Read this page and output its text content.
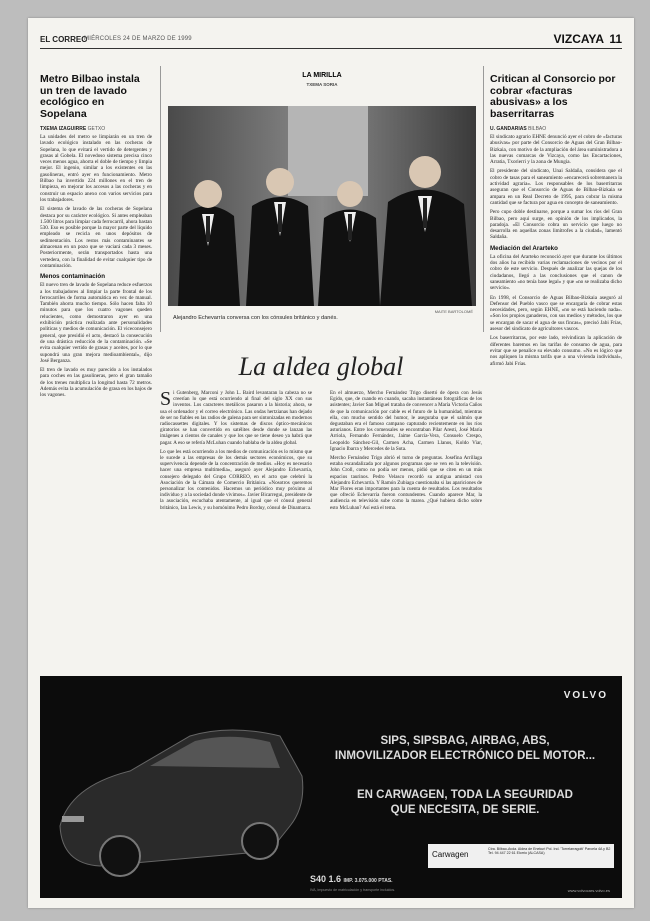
EL CORREO
MIÉRCOLES 24 DE MARZO DE 1999	VIZCAYA 11
Metro Bilbao instala un tren de lavado ecológico en Sopelana
TXEMA IZAGUIRRE GETXO

La unidades del metro se limpiarán en un tren de lavado ecológico instalado en las cocheras de Sopelana, lo que evitará el vertido de detergentes y grasas al Gobela. El novedoso sistema precisa cinco veces menos agua, ahorra el doble de tiempo y limpia mejor. El ingenio, similar a los existentes en las gasolineras, entró ayer en funcionamiento. Metro Bilbao ha invertido 224 millones en el tren de limpieza, en mejorar los accesos a las cocheras y en construir un espacio anexo con varios servicios para los trabajadores.

El sistema de lavado de las cocheras de Sopelana destaca por su carácter ecológico. Si antes empleaban 1.500 litros para limpiar cada ferrocarril, ahora bastan 530. Eso es posible porque la mayor parte del líquido empleado se recicla en unos depósitos de sedimentación. Los restos más contaminantes se almacenan en un pozo que se vaciará cada 3 meses. Posteriormente, serán transportados hasta una vertedera, con la finalidad de evitar cualquier tipo de contaminación.

Menos contaminación

El nuevo tren de lavado de Sopelana reduce esfuerzos a los trabajadores al limpiar la parte frontal de los ferrocarriles de forma automática en vez de manual. También ahorra mucho tiempo. Sólo hacen falta 10 minutos para que los cuatro vagones queden relucientes, como demostraron ayer en una exhibición práctica realizada ante personalidades políticas y medios de comunicación. El viceconsejero general, que presidió el acto, destacó la consecución de una drástica reducción de la contaminación. «Se evita cualquier vertido de grasas y aceites, por lo que supondrá una gran mejora medioambiental», dijo José Berganza.

El tren de lavado es muy parecido a los instalados para coches en las gasolineras, pero el gran tamaño de los trenes multiplica la longitud hasta 72 metros. Además evita la acumulación de grasa en los bajos de los vagones.

LA MIRILLA
TXEMA SORIA
MAITE BARTOLOMÉ
Alejandro Echevarría conversa con los cónsules británico y danés.
La aldea global

Si Gutenberg, Marconi y John L. Baird levantaran la cabeza no se creerían lo que está ocurriendo al final del siglo XX con sus inventos. Los caracteres metálicos pasaron a la historia; ahora, se usa el ordenador y el correo electrónico. Las ondas hertzianas han dejado de ser no fiables en las radios de galena para ser sintonizadas en modernos radiocassettes digitales. Y los sistemas de discos óptico-mecánicos giratorios se han convertido en satélites desde donde se lanzan las imágenes a cientos de canales y que los que se tiene deseo ya habrá que pagar. A eso se refería McLuhan cuando hablaba de la aldea global.

Lo que les está ocurriendo a los medios de comunicación es lo mismo que le sucede a las empresas de los demás sectores económicos, que su supervivencia depende de la concentración de medios. «Hoy es necesario hacer una empresa multimedia», aseguró ayer Alejandro Echevarría, consejero delegado del Grupo CORREO, en el acto que celebró la Asociación de la Cámara de Comercio Británica. «Nosotros queremos personalizar los contenidos. Hacemos un periódico muy próximo al individuo y a la sociedad donde vivimos». Javier Bicarregui, presidente de la asociación, escuchaba atentamente, al igual que el cónsul general británico, Ian Lewis, y su homónimo Pedro Borduy, cónsul de Dinamarca.

En el almuerzo, Mercho Fernández Trigo disertó de ópera con Jesús Egido, que, de cuando en cuando, sacaba instantáneas fotográficas de los asistentes; Javier San Miguel trataba de convencer a María Victoria Caños de que la comunicación por cable es el futuro de la humanidad, mientras ella, con mucho sentido del humor, le aseguraba que el salmón que degustaban era el famoso campano capturado recientemente en los ríos asturianos. Entre los comensales se encontraban Pilar Aresti, José María Arriola, Fernando Fernández, Jaime García-Vera, Consuelo Crespo, Leopoldo Sánchez-Gil, Carmen Acha, Carmen Llanos, Koldo Viar, Ignacio Ibarra y Mercedes de la Sota.

Mercho Fernández Trigo abrió el turno de preguntas. Josefina Arrillaga estaba escandalizada por algunos programas que se ven en la televisión. John Croll, como no podía ser menos, pidió que se citen en un más espacios taurinos. Pedro Velasco recordó su antigua amistad con Alejandro Echevarría. Y Ramón Zubiaga cuestionaba si las apariciones de Mar Flores eran importantes para la cuenta de resultados. Los resultados que ofreció Echevarría fueron contundentes. Cuando aparece Mar, la audiencia en televisión sube como la marea. ¿Qué hubiera dicho sobre esto McLuhan? Así está el tema.

Critican al Consorcio por cobrar «facturas abusivas» a los baserritarras
U. GANDARIAS BILBAO

El sindicato agrario EHNE denunció ayer el cobro de «facturas abusivas» por parte del Consorcio de Aguas del Gran Bilbao-Bizkaia, con motivo de la ampliación del área suministradora a las nuevas comarcas de Vizcaya, como las Encartaciones, Arratia, Txorierri y la zona de Mungia.

El presidente del sindicato, Unai Saldaña, considera que el cobro de tasas para el saneamiento «encarecerá sobremanera la actividad agraria». Los responsables de los baserritarras aseguran que el Consorcio de Aguas de Bilbao-Bizkaia se ampara en un Real Decreto de 1995, para cobrar la misma cantidad que se factura por agua en concepto de saneamiento.

Pero cupo doble destinarse, porque a sumar los ríos del Gran Bilbao, pero aquí surge, en opinión de los implicados, la paradoja. «El Consorcio cobra un servicio que luego no desarrolla en aquellas zonas limítrofes a la ciudad», lamentó Saldaña.

Mediación del Ararteko

La oficina del Ararteko reconoció ayer que durante los últimos dos años ha recibido varias reclamaciones de vecinos por el cobro de este servicio. Después de analizar las quejas de los ciudadanos, llegó a las conclusiones que el canon de saneamiento «no tenía base legal» y que «no se realizaba dicho servicio».

En 1998, el Consorcio de Aguas Bilbao-Bizkaia aseguró al Defensor del Pueblo vasco que se encargaría de cobrar estas necesidades, pero, según EHNE, «no se está haciendo nada». «Son los propios ganaderos, con sus medios y métodos, los que se encargan de sacar el agua de sus fincas», precisó Jabi Frías, asesor del sindicato de agricultores vascos.

Los baserritarras, por este lado, reivindican la aplicación de diferentes baremos en las tarifas de consumo de agua, para evitar que se penalice su elevado consumo. «No es lógico que nos apliquen la misma tarifa que a una vivienda individual», afirmó Jabi Frías.

VOLVO
SIPS, SIPSBAG, AIRBAG, ABS,
INMOVILIZADOR ELECTRÓNICO DEL MOTOR...
EN CARWAGEN, TODA LA SEGURIDAD
QUE NECESITA, DE SERIE.
Carwagen
Ctra. Bilbao-Avda. Aldea de Enekuri Pol. Ind. 'Torrelarragoiti' Parcela 4A y B2 Tel. 94 447 22 61 Elorrio (ALCASA)
S40 1.6 IMP. 3.075.000 PTAS.
IVA, impuesto de matriculación y transporte incluidos.	www.volvocars.volvo.es
